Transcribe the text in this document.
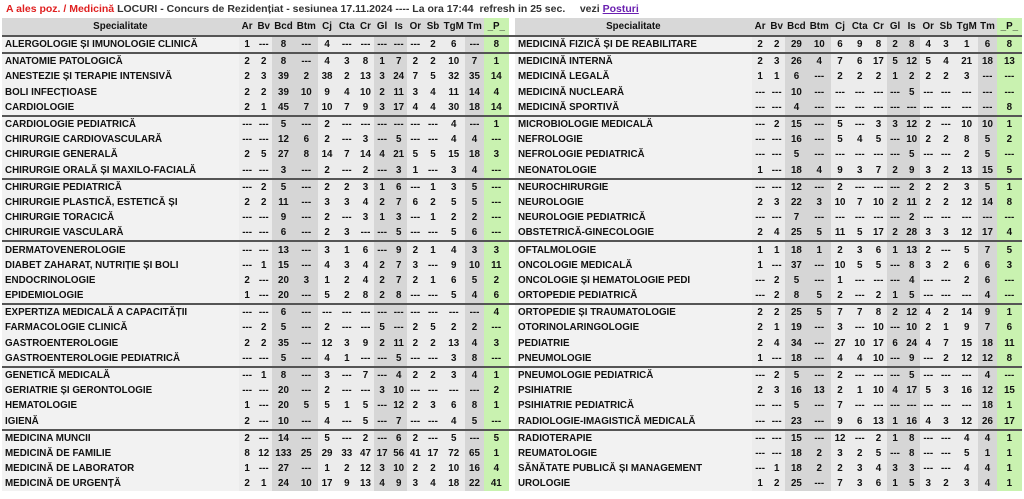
A ales poz. / Medicină LOCURI - Concurs de Rezidențiat - sesiunea 17.11.2024 ---- La ora 17:44 refresh in 25 sec. vezi Posturi
Specialitate	Ar	Bv	Bcd	Btm	Cj	Cta	Cr	Gl	Is	Or	Sb	TgM	Tm	_P_		Specialitate	Ar	Bv	Bcd	Btm	Cj	Cta	Cr	Gl	Is	Or	Sb	TgM	Tm	_P_
ALERGOLOGIE ȘI IMUNOLOGIE CLINICĂ	1	---	8	---	4	---	---	---	---	---	2	6	---	8		MEDICINĂ FIZICĂ ȘI DE REABILITARE	2	2	29	10	6	9	8	2	8	4	3	1	6	8
ANATOMIE PATOLOGICĂ	2	2	8	---	4	3	8	1	7	2	2	10	7	1		MEDICINĂ INTERNĂ	2	3	26	4	7	6	17	5	12	5	4	21	18	13
ANESTEZIE ȘI TERAPIE INTENSIVĂ	2	3	39	2	38	2	13	3	24	7	5	32	35	14		MEDICINĂ LEGALĂ	1	1	6	---	2	2	2	1	2	2	2	3	---	---
BOLI INFECȚIOASE	2	2	39	10	9	4	10	2	11	3	4	11	14	4		MEDICINĂ NUCLEARĂ	---	---	10	---	---	---	---	---	5	---	---	---	---	---
CARDIOLOGIE	2	1	45	7	10	7	9	3	17	4	4	30	18	14		MEDICINĂ SPORTIVĂ	---	---	4	---	---	---	---	---	---	---	---	---	---	8
CARDIOLOGIE PEDIATRICĂ	---	---	5	---	2	---	---	---	---	---	---	4	---	1		MICROBIOLOGIE MEDICALĂ	---	2	15	---	5	---	3	3	12	2	---	10	10	1
CHIRURGIE CARDIOVASCULARĂ	---	---	12	6	2	---	3	---	5	---	---	4	4	---		NEFROLOGIE	---	---	16	---	5	4	5	---	10	2	2	8	5	2
CHIRURGIE GENERALĂ	2	5	27	8	14	7	14	4	21	5	5	15	18	3		NEFROLOGIE PEDIATRICĂ	---	---	5	---	---	---	---	---	5	---	---	2	5	---
CHIRURGIE ORALĂ ȘI MAXILO-FACIALĂ	---	---	3	---	2	---	2	---	3	1	---	3	4	---		NEONATOLOGIE	1	---	18	4	9	3	7	2	9	3	2	13	15	5
CHIRURGIE PEDIATRICĂ	---	2	5	---	2	2	3	1	6	---	1	3	5	---		NEUROCHIRURGIE	---	---	12	---	2	---	---	---	2	2	2	3	5	1
CHIRURGIE PLASTICĂ, ESTETICĂ ȘI	2	2	11	---	3	3	4	2	7	6	2	5	5	---		NEUROLOGIE	2	3	22	3	10	7	10	2	11	2	2	12	14	8
CHIRURGIE TORACICĂ	---	---	9	---	2	---	3	1	3	---	1	2	2	---		NEUROLOGIE PEDIATRICĂ	---	---	7	---	---	---	---	---	2	---	---	---	---	---
CHIRURGIE VASCULARĂ	---	---	6	---	2	3	---	---	5	---	---	5	6	---		OBSTETRICĂ-GINECOLOGIE	2	4	25	5	11	5	17	2	28	3	3	12	17	4
DERMATOVENEROLOGIE	---	---	13	---	3	1	6	---	9	2	1	4	3	3		OFTALMOLOGIE	1	1	18	1	2	3	6	1	13	2	---	5	7	5
DIABET ZAHARAT, NUTRIȚIE ȘI BOLI	---	1	15	---	4	3	4	2	7	3	---	9	10	11		ONCOLOGIE MEDICALĂ	1	---	37	---	10	5	5	---	8	3	2	6	6	3
ENDOCRINOLOGIE	2	---	20	3	1	2	4	2	7	2	1	6	5	2		ONCOLOGIE ȘI HEMATOLOGIE PEDI	---	2	5	---	1	---	---	---	4	---	---	2	6	---
EPIDEMIOLOGIE	1	---	20	---	5	2	8	2	8	---	---	5	4	6		ORTOPEDIE PEDIATRICĂ	---	2	8	5	2	---	2	1	5	---	---	---	4	---
EXPERTIZA MEDICALĂ A CAPACITĂȚII	---	---	6	---	---	---	---	---	---	---	---	---	---	4		ORTOPEDIE ȘI TRAUMATOLOGIE	2	2	25	5	7	7	8	2	12	4	2	14	9	1
FARMACOLOGIE CLINICĂ	---	2	5	---	2	---	---	5	---	2	5	2	2	---		OTORINOLARINGOLOGIE	2	1	19	---	3	---	10	---	10	2	1	9	7	6
GASTROENTEROLOGIE	2	2	35	---	12	3	9	2	11	2	2	13	4	3		PEDIATRIE	2	4	34	---	27	10	17	6	24	4	7	15	18	11
GASTROENTEROLOGIE PEDIATRICĂ	---	---	5	---	4	1	---	---	5	---	---	3	8	---		PNEUMOLOGIE	1	---	18	---	4	4	10	---	9	---	2	12	12	8
GENETICĂ MEDICALĂ	---	1	8	---	3	---	7	---	4	2	2	3	4	1		PNEUMOLOGIE PEDIATRICĂ	---	2	5	---	2	---	---	---	5	---	---	---	4	---
GERIATRIE ȘI GERONTOLOGIE	---	---	20	---	2	---	---	3	10	---	---	---	---	2		PSIHIATRIE	2	3	16	13	2	1	10	4	17	5	3	16	12	15
HEMATOLOGIE	1	---	20	5	5	1	5	---	12	2	3	6	8	1		PSIHIATRIE PEDIATRICĂ	---	---	5	---	7	---	---	---	---	---	---	---	18	1
IGIENĂ	2	---	10	---	4	---	5	---	7	---	---	4	5	---		RADIOLOGIE-IMAGISTICĂ MEDICALĂ	---	---	23	---	9	6	13	1	16	4	3	12	26	17
MEDICINA MUNCII	2	---	14	---	5	---	2	---	6	2	---	5	---	5		RADIOTERAPIE	---	---	15	---	12	---	2	1	8	---	---	4	4	1
MEDICINĂ DE FAMILIE	8	12	133	25	29	33	47	17	56	41	17	72	65	1		REUMATOLOGIE	---	---	18	2	3	2	5	---	8	---	---	5	1	1
MEDICINĂ DE LABORATOR	1	---	27	---	1	2	12	3	10	2	2	10	16	4		SĂNĂTATE PUBLICĂ ȘI MANAGEMENT	---	1	18	2	2	3	4	3	3	---	---	4	4	1
MEDICINĂ DE URGENȚĂ	2	1	24	10	17	9	13	4	9	3	4	18	22	41		UROLOGIE	1	2	25	---	7	3	6	1	5	3	2	3	4	1
